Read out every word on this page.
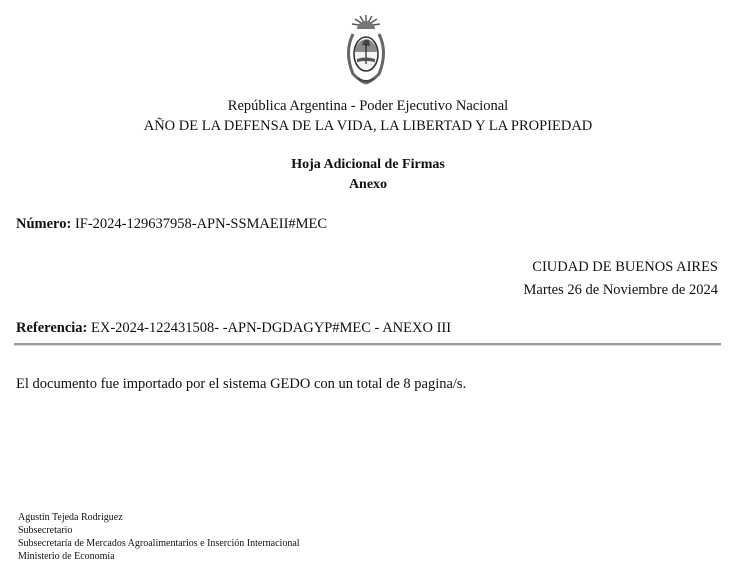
República Argentina - Poder Ejecutivo Nacional
AÑO DE LA DEFENSA DE LA VIDA, LA LIBERTAD Y LA PROPIEDAD
Hoja Adicional de Firmas
Anexo
Número: IF-2024-129637958-APN-SSMAEII#MEC
CIUDAD DE BUENOS AIRES
Martes 26 de Noviembre de 2024
Referencia: EX-2024-122431508- -APN-DGDAGYP#MEC - ANEXO III
El documento fue importado por el sistema GEDO con un total de 8 pagina/s.
Agustin Tejeda Rodriguez
Subsecretario
Subsecretaría de Mercados Agroalimentarios e Inserción Internacional
Ministerio de Economía
